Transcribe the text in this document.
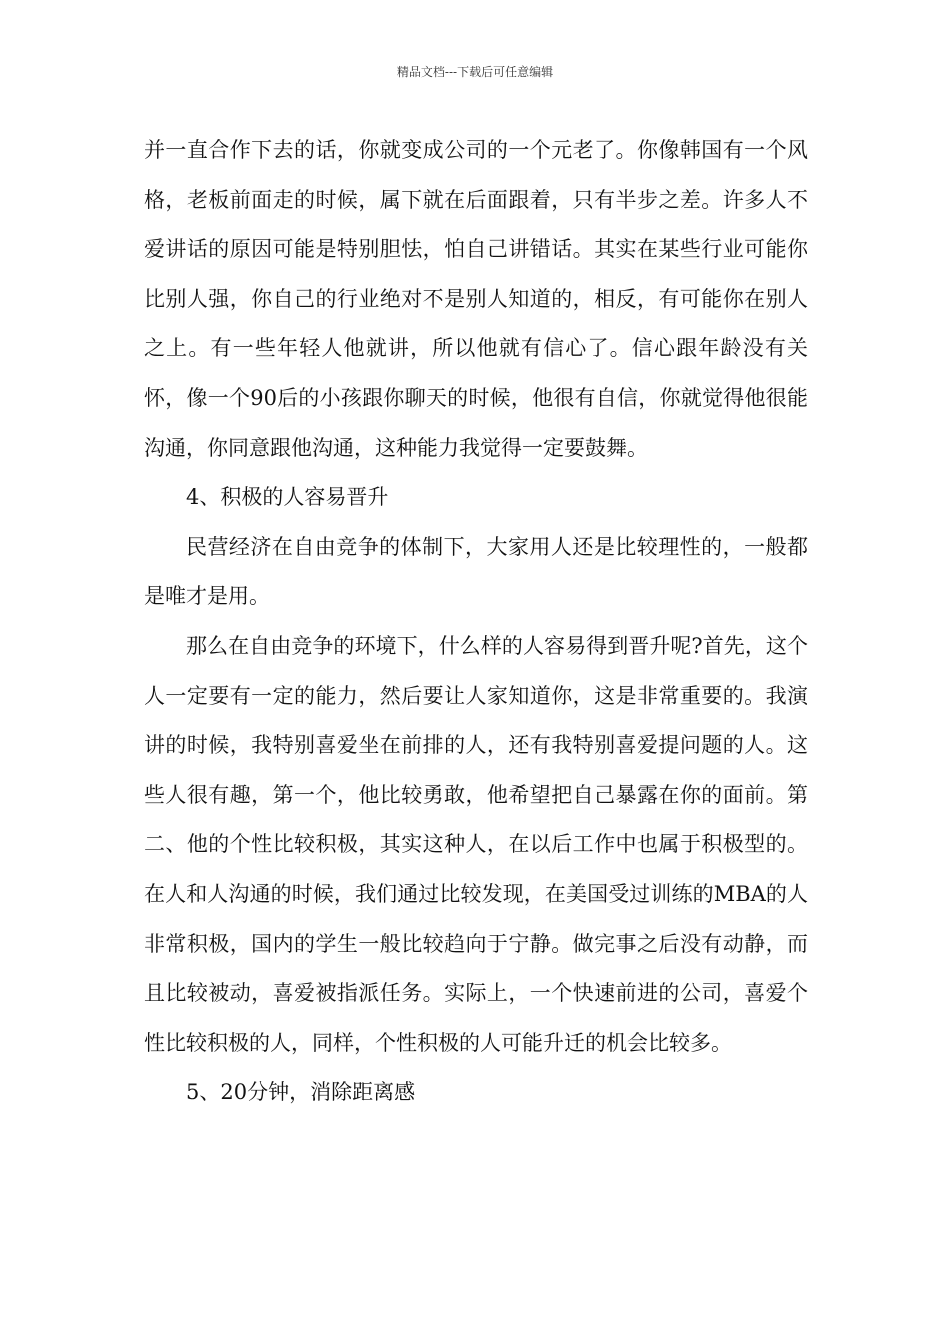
精品文档---下载后可任意编辑

并一直合作下去的话，你就变成公司的一个元老了。你像韩国有一个风格，老板前面走的时候，属下就在后面跟着，只有半步之差。许多人不爱讲话的原因可能是特别胆怯，怕自己讲错话。其实在某些行业可能你比别人强，你自己的行业绝对不是别人知道的，相反，有可能你在别人之上。有一些年轻人他就讲，所以他就有信心了。信心跟年龄没有关怀，像一个90后的小孩跟你聊天的时候，他很有自信，你就觉得他很能沟通，你同意跟他沟通，这种能力我觉得一定要鼓舞。

4、积极的人容易晋升

民营经济在自由竞争的体制下，大家用人还是比较理性的，一般都是唯才是用。

那么在自由竞争的环境下，什么样的人容易得到晋升呢?首先，这个人一定要有一定的能力，然后要让人家知道你，这是非常重要的。我演讲的时候，我特别喜爱坐在前排的人，还有我特别喜爱提问题的人。这些人很有趣，第一个，他比较勇敢，他希望把自己暴露在你的面前。第二、他的个性比较积极，其实这种人，在以后工作中也属于积极型的。在人和人沟通的时候，我们通过比较发现，在美国受过训练的MBA的人非常积极，国内的学生一般比较趋向于宁静。做完事之后没有动静，而且比较被动，喜爱被指派任务。实际上，一个快速前进的公司，喜爱个性比较积极的人，同样，个性积极的人可能升迁的机会比较多。

5、20分钟，消除距离感
